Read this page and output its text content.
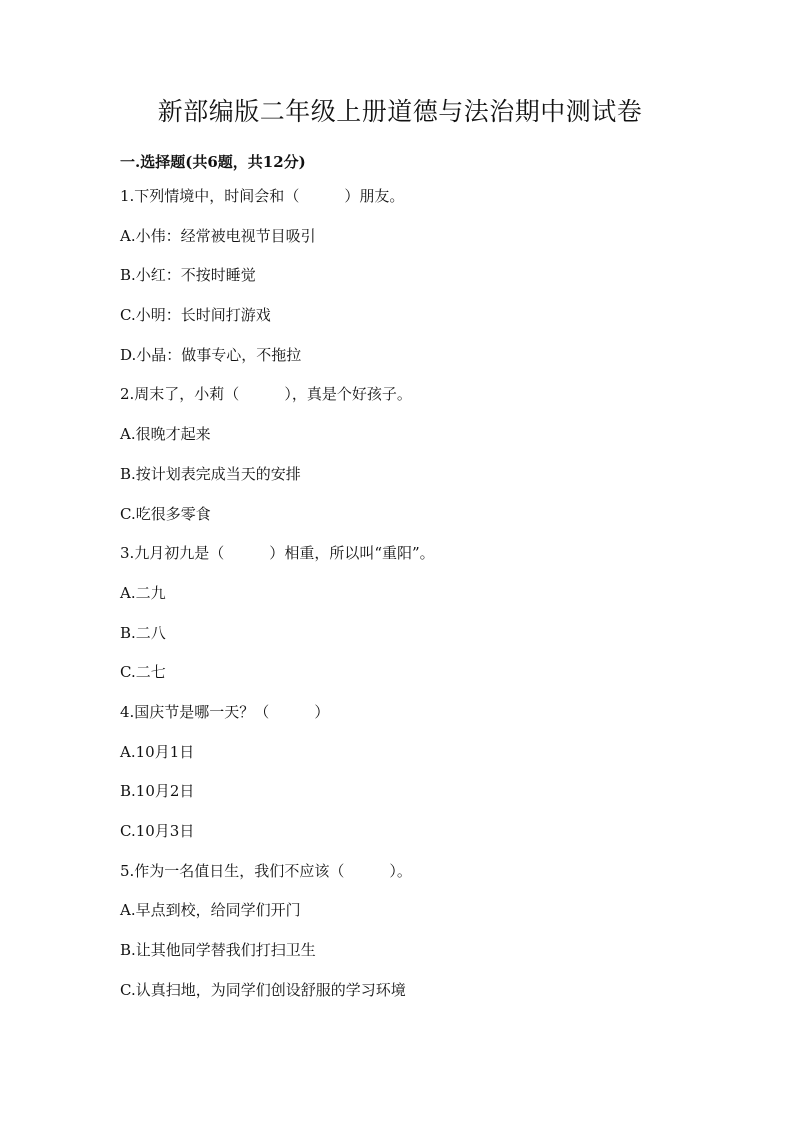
新部编版二年级上册道德与法治期中测试卷
一.选择题(共6题，共12分)
1.下列情境中，时间会和（　　　）朋友。
A.小伟：经常被电视节目吸引
B.小红：不按时睡觉
C.小明：长时间打游戏
D.小晶：做事专心，不拖拉
2.周末了，小莉（　　　），真是个好孩子。
A.很晚才起来
B.按计划表完成当天的安排
C.吃很多零食
3.九月初九是（　　　）相重，所以叫“重阳”。
A.二九
B.二八
C.二七
4.国庆节是哪一天？（　　　）
A.10月1日
B.10月2日
C.10月3日
5.作为一名值日生，我们不应该（　　　）。
A.早点到校，给同学们开门
B.让其他同学替我们打扫卫生
C.认真扫地，为同学们创设舒服的学习环境
